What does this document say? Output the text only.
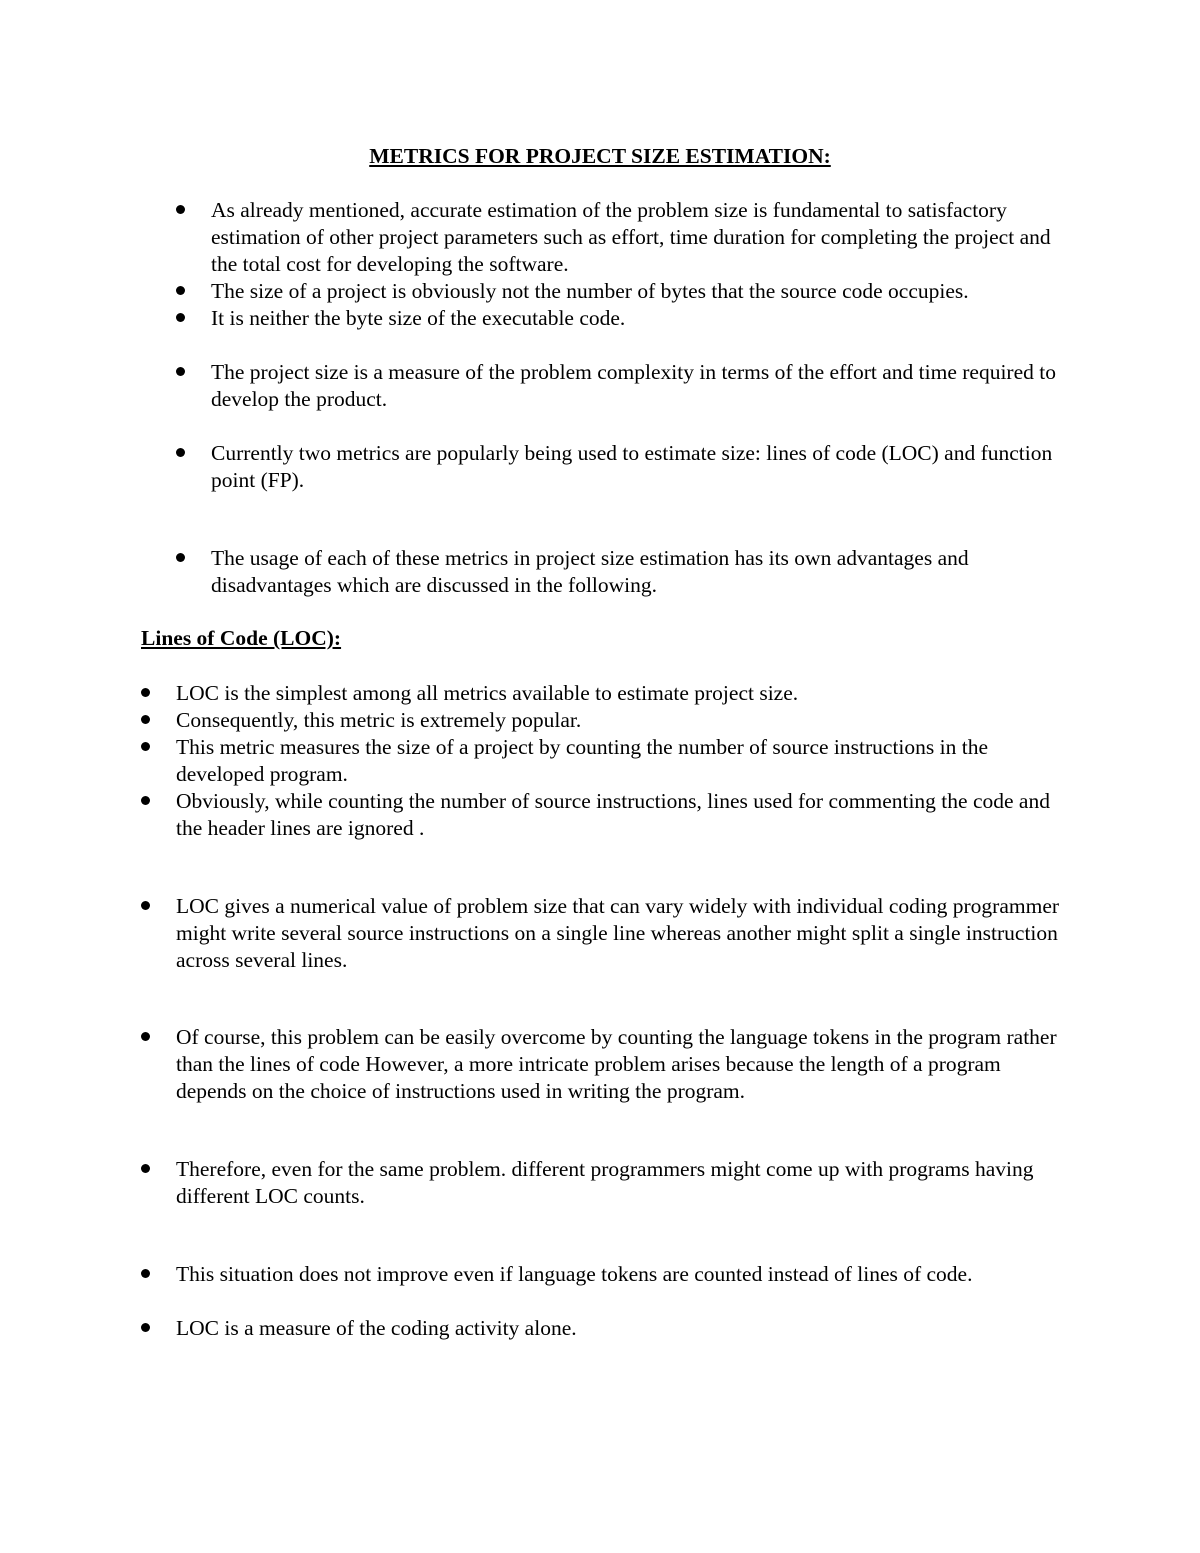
METRICS FOR PROJECT SIZE ESTIMATION:
As already mentioned, accurate estimation of the problem size is fundamental to satisfactory estimation of other project parameters such as effort, time duration for completing the project and the total cost for developing the software.
The size of a project is obviously not the number of bytes that the source code occupies.
It is neither the byte size of the executable code.
The project size is a measure of the problem complexity in terms of the effort and time required to develop the product.
Currently two metrics are popularly being used to estimate size: lines of code (LOC) and function point (FP).
The usage of each of these metrics in project size estimation has its own advantages and disadvantages which are discussed in the following.
Lines of Code (LOC):
LOC is the simplest among all metrics available to estimate project size.
Consequently, this metric is extremely popular.
This metric measures the size of a project by counting the number of source instructions in the developed program.
Obviously, while counting the number of source instructions, lines used for commenting the code and the header lines are ignored .
LOC gives a numerical value of problem size that can vary widely with individual coding programmer might write several source instructions on a single line whereas another might split a single instruction across several lines.
Of course, this problem can be easily overcome by counting the language tokens in the program rather than the lines of code However, a more intricate problem arises because the length of a program depends on the choice of instructions used in writing the program.
Therefore, even for the same problem. different programmers might come up with programs having different LOC counts.
This situation does not improve even if language tokens are counted instead of lines of code.
LOC is a measure of the coding activity alone.
